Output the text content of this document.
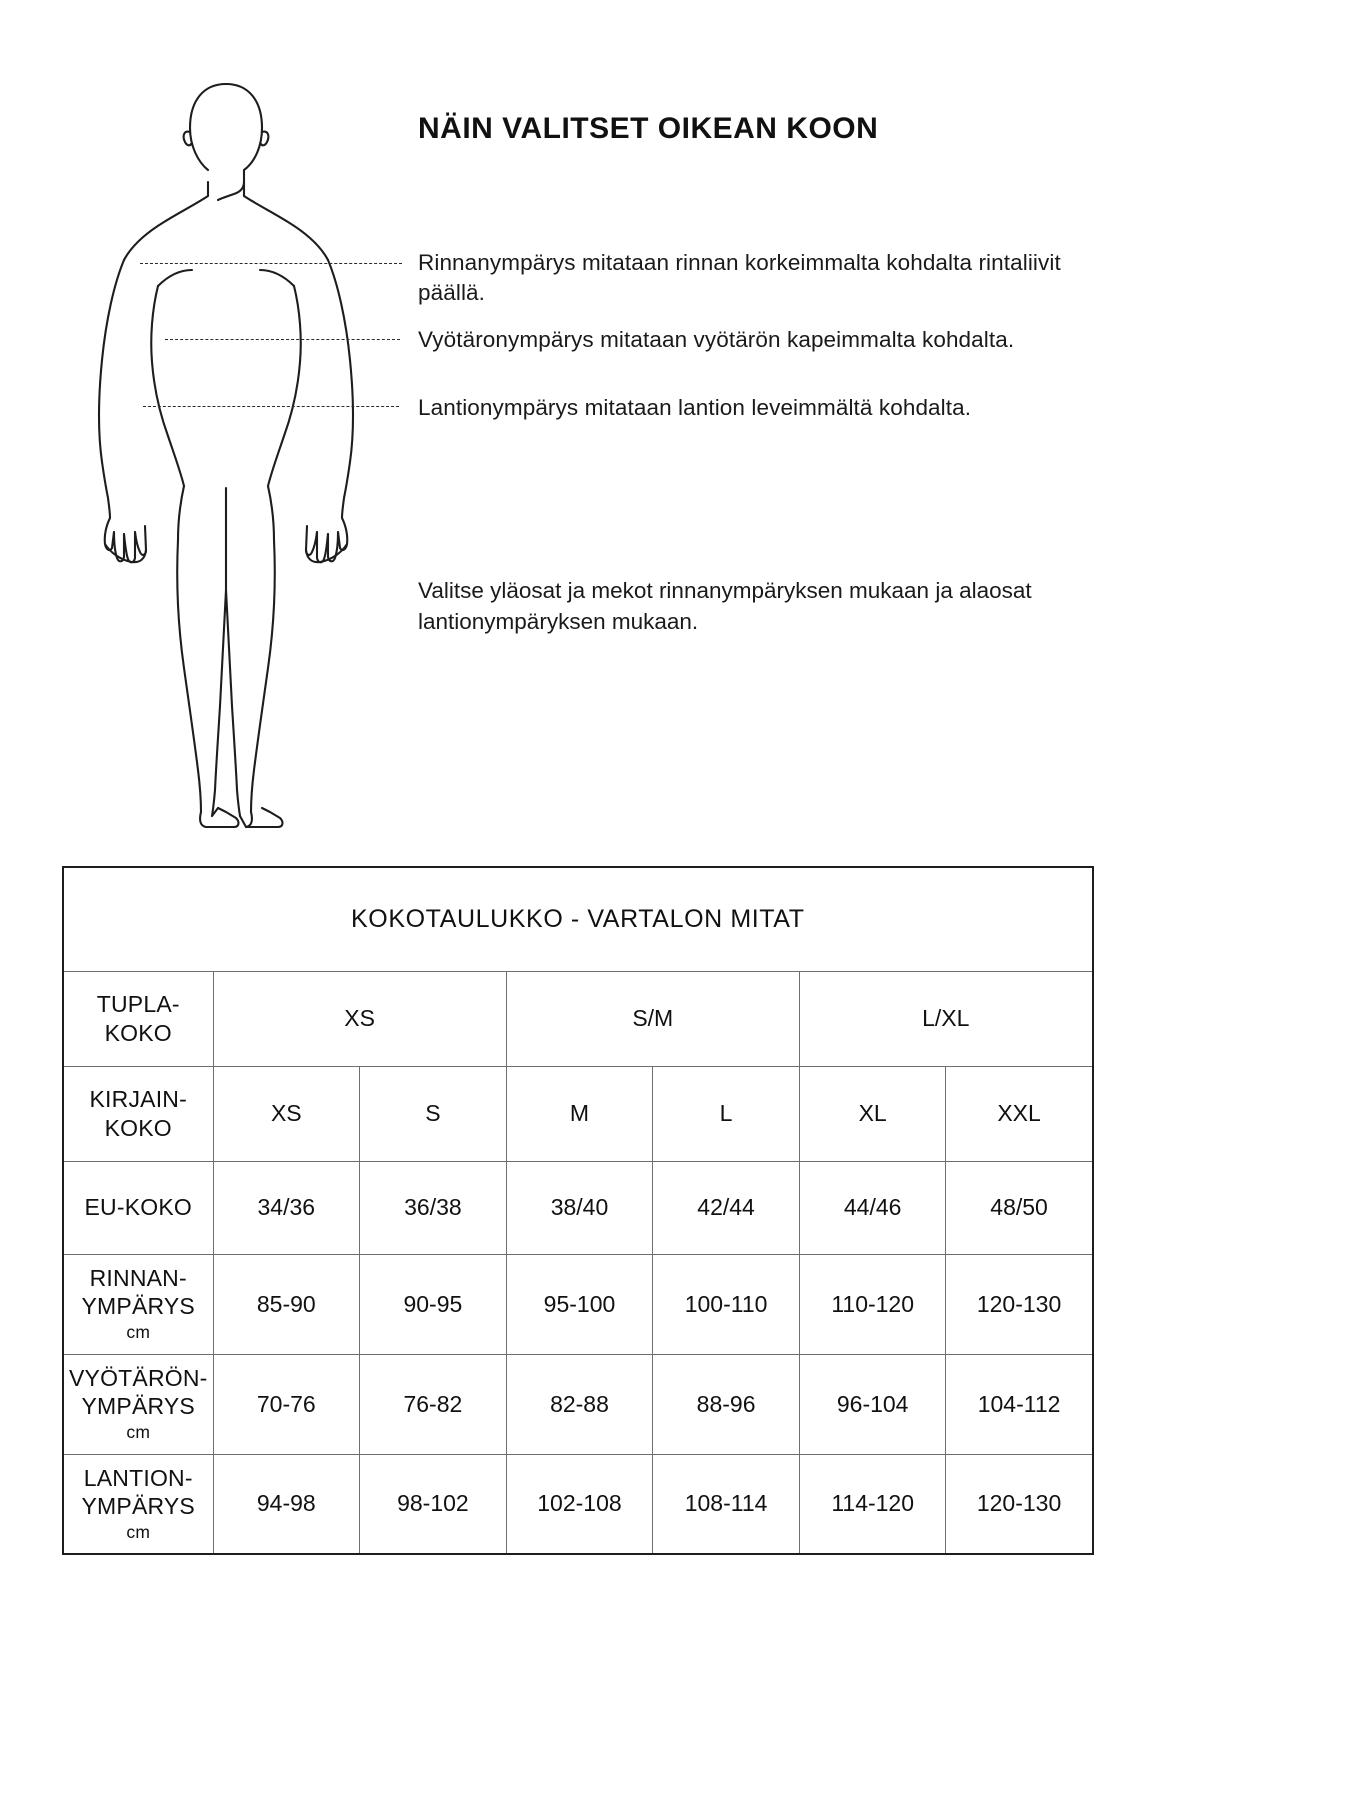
NÄIN VALITSET OIKEAN KOON
Rinnanympärys mitataan rinnan korkeimmalta kohdalta rintaliivit päällä.
Vyötäronympärys mitataan vyötärön kapeimmalta kohdalta.
Lantionympärys mitataan lantion leveimmältä kohdalta.
Valitse yläosat ja mekot rinnanympäryksen mukaan ja alaosat lantionympäryksen mukaan.
KOKOTAULUKKO - VARTALON MITAT						
TUPLA-
KOKO	XS		S/M		L/XL	
KIRJAIN-
KOKO	XS	S	M	L	XL	XXL
EU-KOKO	34/36	36/38	38/40	42/44	44/46	48/50
RINNAN-
YMPÄRYS
cm	85-90	90-95	95-100	100-110	110-120	120-130
VYÖTÄRÖN-
YMPÄRYS
cm	70-76	76-82	82-88	88-96	96-104	104-112
LANTION-
YMPÄRYS
cm	94-98	98-102	102-108	108-114	114-120	120-130
